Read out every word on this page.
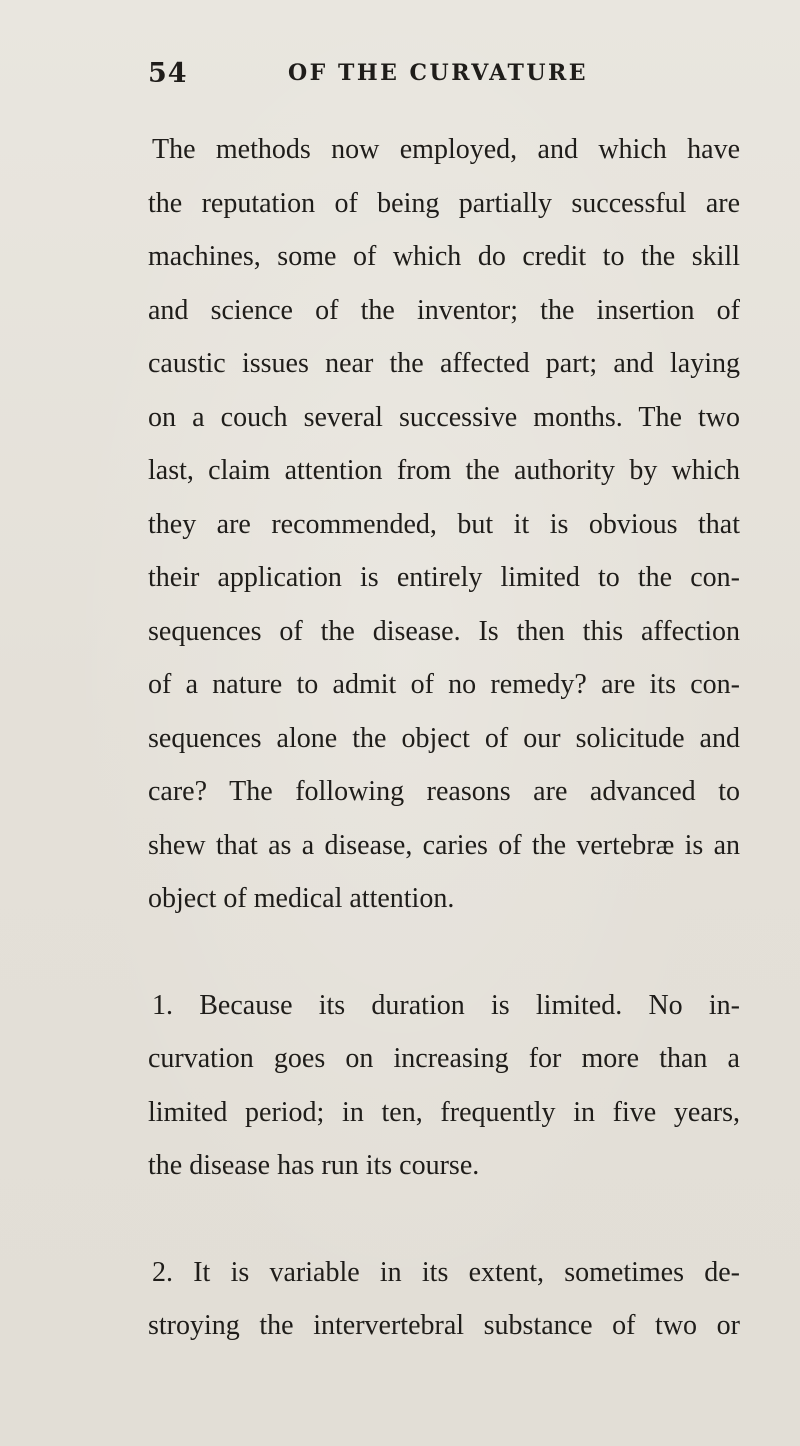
54	OF THE CURVATURE
The methods now employed, and which have
the reputation of being partially successful are
machines, some of which do credit to the skill
and science of the inventor; the insertion of
caustic issues near the affected part; and laying
on a couch several successive months. The two
last, claim attention from the authority by which
they are recommended, but it is obvious that
their application is entirely limited to the con-
sequences of the disease. Is then this affection
of a nature to admit of no remedy? are its con-
sequences alone the object of our solicitude and
care? The following reasons are advanced to
shew that as a disease, caries of the vertebræ is an
object of medical attention.
1. Because its duration is limited. No in-
curvation goes on increasing for more than a
limited period; in ten, frequently in five years,
the disease has run its course.
2. It is variable in its extent, sometimes de-
stroying the intervertebral substance of two or
